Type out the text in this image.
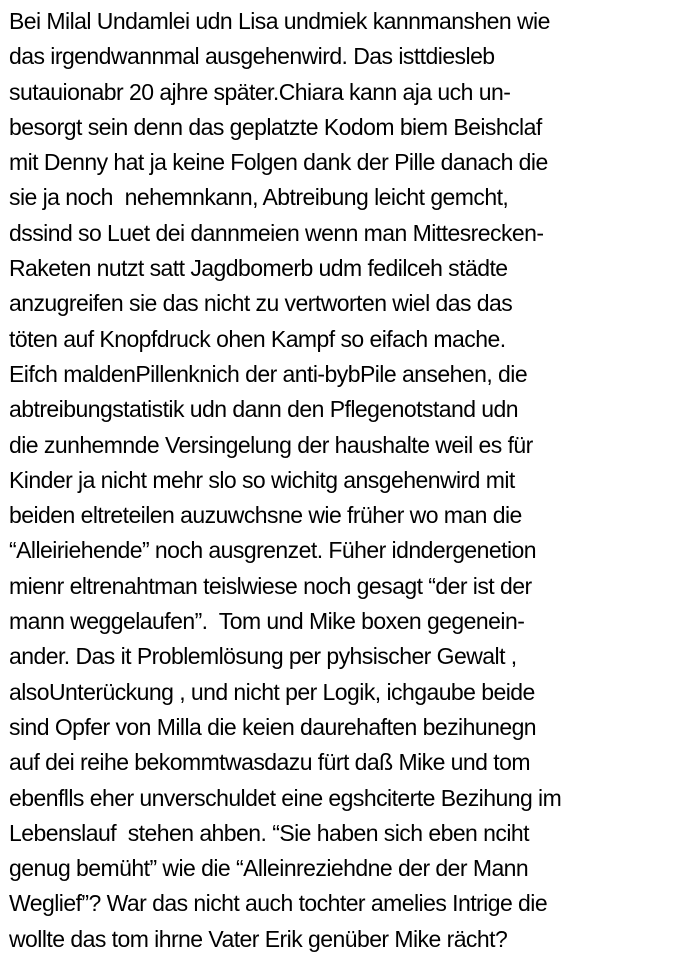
Bei Milal Undamlei udn Lisa undmiek kannmanshen wie
das irgendwannmal ausgehenwird. Das isttdiesleb
sutauionabr 20 ajhre später.Chiara kann aja uch un-
besorgt sein denn das geplatzte Kodom biem Beishclaf
mit Denny hat ja keine Folgen dank der Pille danach die
sie ja noch  nehemnkann, Abtreibung leicht gemcht,
dssind so Luet dei dannmeien wenn man Mittesrecken-
Raketen nutzt satt Jagdbomerb udm fedilceh städte
anzugreifen sie das nicht zu vertworten wiel das das
töten auf Knopfdruck ohen Kampf so eifach mache.
Eifch maldenPillenknich der anti-bybPile ansehen, die
abtreibungstatistik udn dann den Pflegenotstand udn
die zunhemnde Versingelung der haushalte weil es für
Kinder ja nicht mehr slo so wichitg ansgehenwird mit
beiden eltreteilen auzuwchsne wie früher wo man die
“Alleiriehende” noch ausgrenzet. Füher idndergenetion
mienr eltrenahtman teislwiese noch gesagt “der ist der
mann weggelaufen”.  Tom und Mike boxen gegenein-
ander. Das it Problemlösung per pyhsischer Gewalt ,
alsoUnterückung , und nicht per Logik, ichgaube beide
sind Opfer von Milla die keien daurehaften bezihunegn
auf dei reihe bekommtwasdazu fürt daß Mike und tom
ebenflls eher unverschuldet eine egshciterte Bezihung im
Lebenslauf  stehen ahben. “Sie haben sich eben nciht
genug bemüht” wie die “Alleinreziehdne der der Mann
Weglief”? War das nicht auch tochter amelies Intrige die
wollte das tom ihrne Vater Erik genüber Mike rächt?
